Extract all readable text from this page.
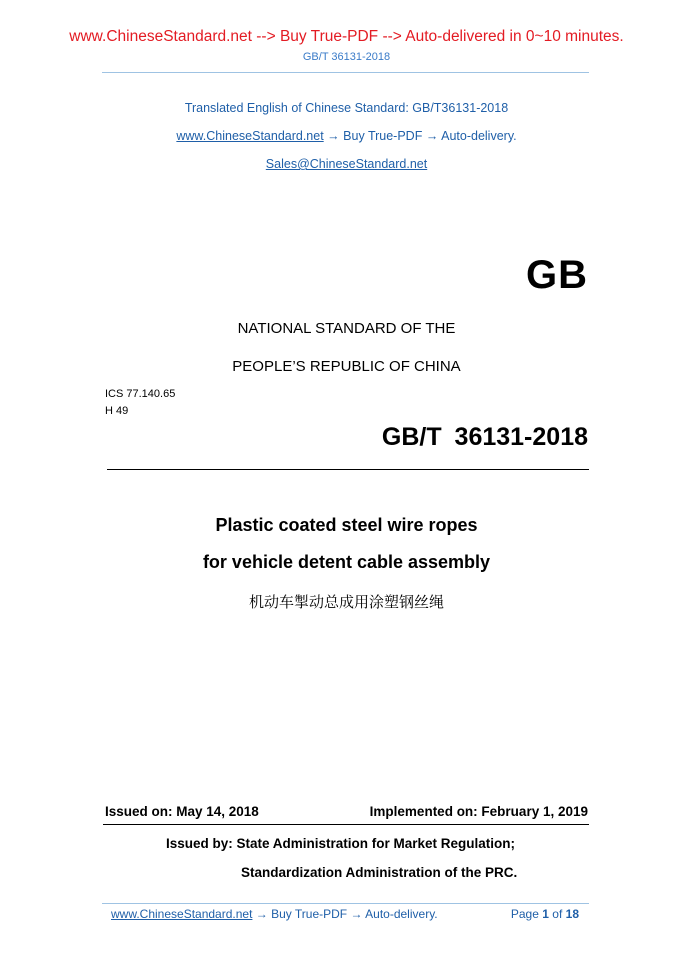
www.ChineseStandard.net --> Buy True-PDF --> Auto-delivered in 0~10 minutes.
GB/T 36131-2018
Translated English of Chinese Standard: GB/T36131-2018
www.ChineseStandard.net → Buy True-PDF → Auto-delivery.
Sales@ChineseStandard.net
GB
NATIONAL STANDARD OF THE
PEOPLE’S REPUBLIC OF CHINA
ICS 77.140.65
H 49
GB/T 36131-2018
Plastic coated steel wire ropes
for vehicle detent cable assembly
机动车掣动总成用涂塑钢丝绳
Issued on: May 14, 2018	Implemented on: February 1, 2019
Issued by: State Administration for Market Regulation;
Standardization Administration of the PRC.
www.ChineseStandard.net → Buy True-PDF → Auto-delivery.	Page 1 of 18
